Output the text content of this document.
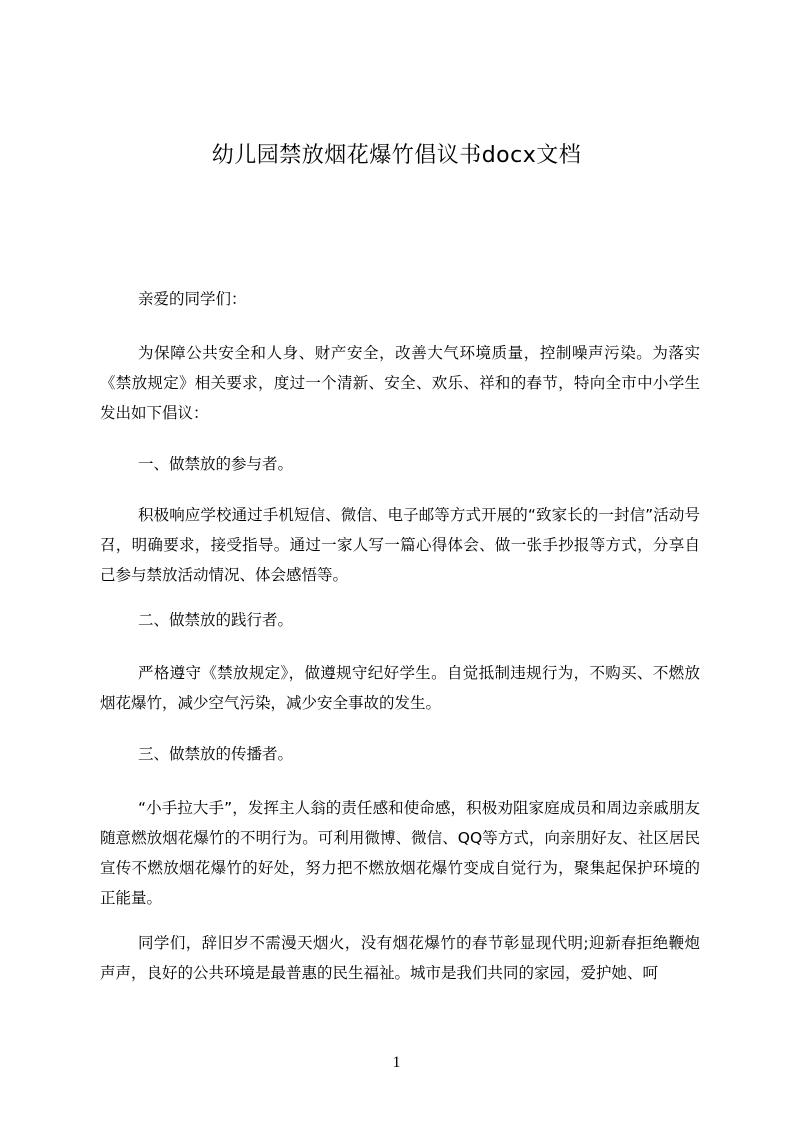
幼儿园禁放烟花爆竹倡议书docx文档

亲爱的同学们：

为保障公共安全和人身、财产安全，改善大气环境质量，控制噪声污染。为落实《禁放规定》相关要求，度过一个清新、安全、欢乐、祥和的春节，特向全市中小学生发出如下倡议：

一、做禁放的参与者。

积极响应学校通过手机短信、微信、电子邮等方式开展的“致家长的一封信”活动号召，明确要求，接受指导。通过一家人写一篇心得体会、做一张手抄报等方式，分享自己参与禁放活动情况、体会感悟等。

二、做禁放的践行者。

严格遵守《禁放规定》，做遵规守纪好学生。自觉抵制违规行为，不购买、不燃放烟花爆竹，减少空气污染，减少安全事故的发生。

三、做禁放的传播者。

“小手拉大手”，发挥主人翁的责任感和使命感，积极劝阻家庭成员和周边亲戚朋友随意燃放烟花爆竹的不明行为。可利用微博、微信、QQ等方式，向亲朋好友、社区居民宣传不燃放烟花爆竹的好处，努力把不燃放烟花爆竹变成自觉行为，聚集起保护环境的正能量。

同学们，辞旧岁不需漫天烟火，没有烟花爆竹的春节彰显现代明;迎新春拒绝鞭炮声声，良好的公共环境是最普惠的民生福祉。城市是我们共同的家园，爱护她、呵

1
